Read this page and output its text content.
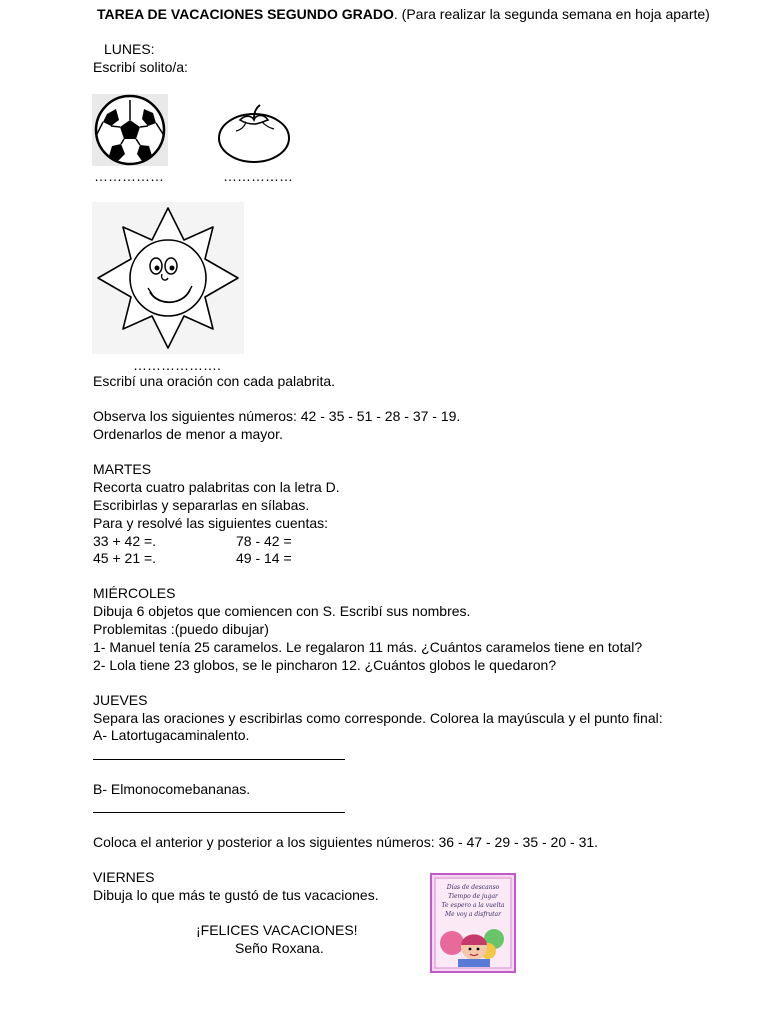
TAREA DE VACACIONES SEGUNDO GRADO. (Para realizar la segunda semana en hoja aparte)
LUNES:
Escribí solito/a:
……………	……………
……………….
Escribí una oración con cada palabrita.
Observa los siguientes números: 42 - 35 - 51 - 28 - 37 - 19.
Ordenarlos de menor a mayor.
MARTES
Recorta cuatro palabritas con la letra D.
Escribirlas y separarlas en sílabas.
Para y resolvé las siguientes cuentas:
33 + 42 =.	78 - 42 =
45 + 21 =.	49 - 14 =
MIÉRCOLES
Dibuja 6 objetos que comiencen con S. Escribí sus nombres.
Problemitas :(puedo dibujar)
1- Manuel tenía 25 caramelos. Le regalaron 11 más. ¿Cuántos caramelos tiene en total?
2- Lola tiene 23 globos, se le pincharon 12. ¿Cuántos globos le quedaron?
JUEVES
Separa las oraciones y escribirlas como corresponde. Colorea la mayúscula y el punto final:
A- Latortugacaminalento.
B- Elmonocomebananas.
Coloca el anterior y posterior a los siguientes números: 36 - 47 - 29 - 35 - 20 - 31.
VIERNES
Dibuja lo que más te gustó de tus vacaciones.
¡FELICES VACACIONES!
Seño Roxana.
Días de descanso
Tiempo de jugar
Te espero a la vuelta
Me voy a disfrutar
